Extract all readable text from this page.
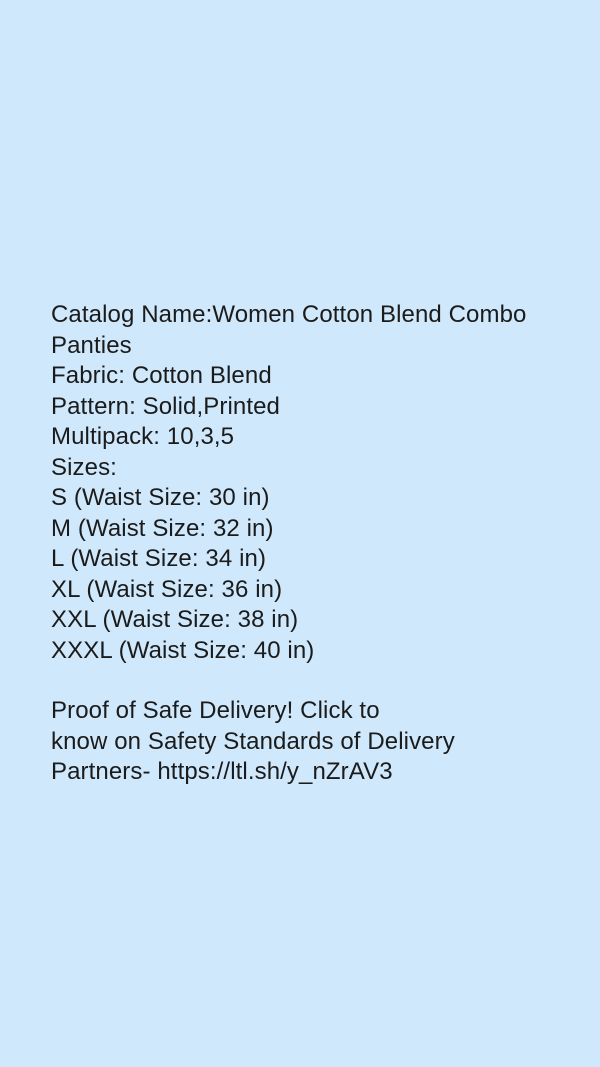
Catalog Name:Women Cotton Blend Combo Panties
Fabric: Cotton Blend
Pattern: Solid,Printed
Multipack: 10,3,5
Sizes:
S (Waist Size: 30 in)
M (Waist Size: 32 in)
L (Waist Size: 34 in)
XL (Waist Size: 36 in)
XXL (Waist Size: 38 in)
XXXL (Waist Size: 40 in)
Proof of Safe Delivery! Click to
know on Safety Standards of Delivery
Partners- https://ltl.sh/y_nZrAV3
